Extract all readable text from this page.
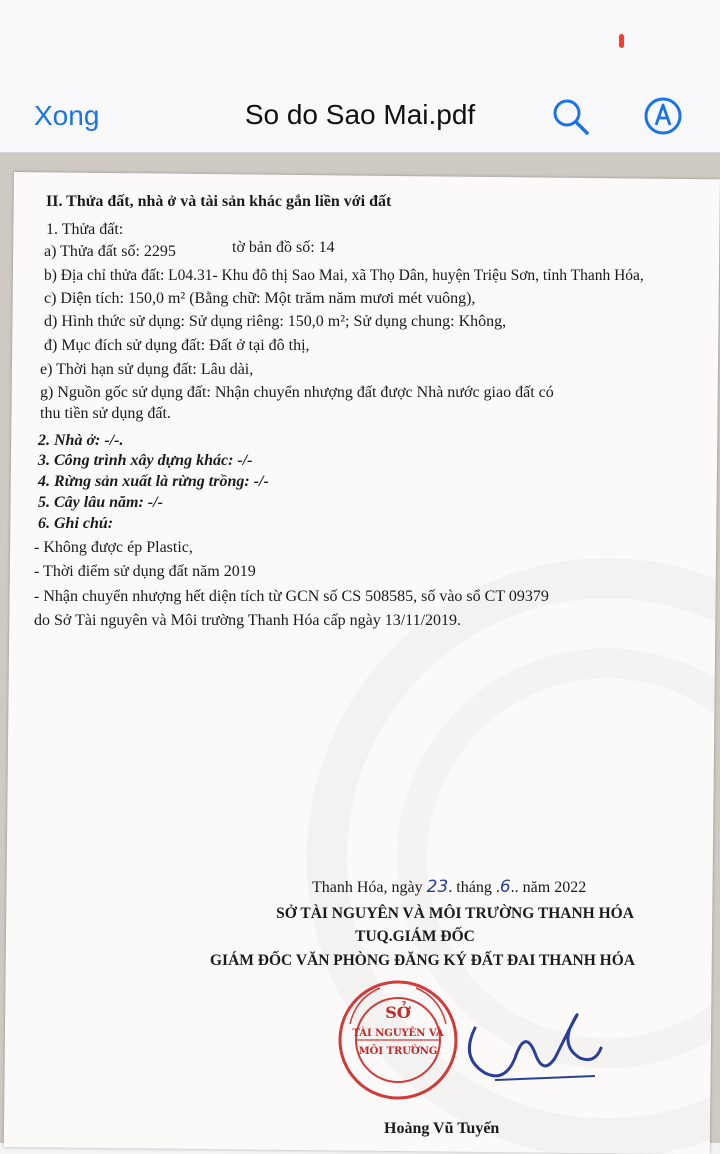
Xong	So do Sao Mai.pdf
II. Thửa đất, nhà ở và tài sản khác gắn liền với đất
1. Thửa đất:
a) Thửa đất số: 2295	tờ bản đồ số: 14
b) Địa chỉ thửa đất: L04.31- Khu đô thị Sao Mai, xã Thọ Dân, huyện Triệu Sơn, tỉnh Thanh Hóa,
c) Diện tích: 150,0 m² (Bằng chữ: Một trăm năm mươi mét vuông),
d) Hình thức sử dụng: Sử dụng riêng: 150,0 m²; Sử dụng chung: Không,
đ) Mục đích sử dụng đất: Đất ở tại đô thị,
e) Thời hạn sử dụng đất: Lâu dài,
g) Nguồn gốc sử dụng đất: Nhận chuyển nhượng đất được Nhà nước giao đất có
thu tiền sử dụng đất.
2. Nhà ở: -/-.
3. Công trình xây dựng khác: -/-
4. Rừng sản xuất là rừng trồng: -/-
5. Cây lâu năm: -/-
6. Ghi chú:
- Không được ép Plastic,
- Thời điểm sử dụng đất năm 2019
- Nhận chuyển nhượng hết diện tích từ GCN số CS 508585, số vào sổ CT 09379
do Sở Tài nguyên và Môi trường Thanh Hóa cấp ngày 13/11/2019.
Thanh Hóa, ngày 23. tháng .6.. năm 2022
SỞ TÀI NGUYÊN VÀ MÔI TRƯỜNG THANH HÓA
TUQ.GIÁM ĐỐC
GIÁM ĐỐC VĂN PHÒNG ĐĂNG KÝ ĐẤT ĐAI THANH HÓA
SỞ
TÀI NGUYÊN VÀ
MÔI TRƯỜNG
Hoàng Vũ Tuyến
